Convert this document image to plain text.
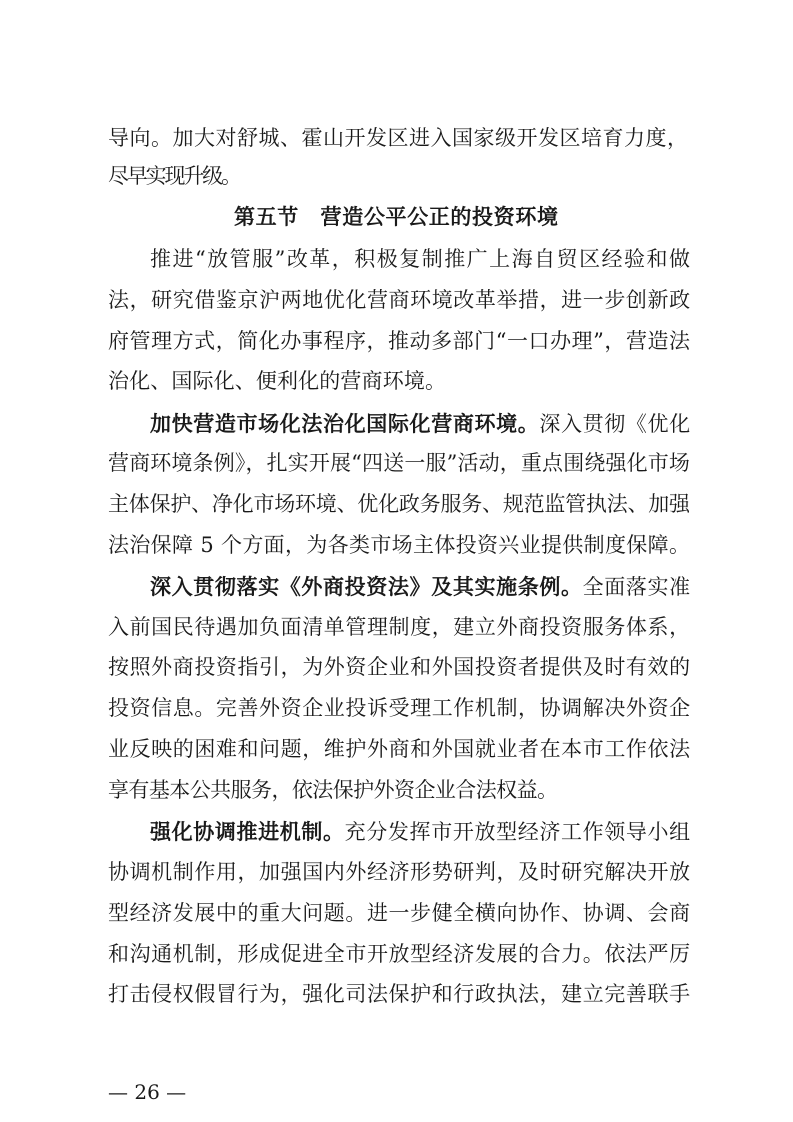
导向。加大对舒城、霍山开发区进入国家级开发区培育力度，
尽早实现升级。
第五节　营造公平公正的投资环境
推进“放管服”改革，积极复制推广上海自贸区经验和做
法，研究借鉴京沪两地优化营商环境改革举措，进一步创新政
府管理方式，简化办事程序，推动多部门“一口办理”，营造法
治化、国际化、便利化的营商环境。
加快营造市场化法治化国际化营商环境。深入贯彻《优化
营商环境条例》，扎实开展“四送一服”活动，重点围绕强化市场
主体保护、净化市场环境、优化政务服务、规范监管执法、加强
法治保障 5 个方面，为各类市场主体投资兴业提供制度保障。
深入贯彻落实《外商投资法》及其实施条例。全面落实准
入前国民待遇加负面清单管理制度，建立外商投资服务体系，
按照外商投资指引，为外资企业和外国投资者提供及时有效的
投资信息。完善外资企业投诉受理工作机制，协调解决外资企
业反映的困难和问题，维护外商和外国就业者在本市工作依法
享有基本公共服务，依法保护外资企业合法权益。
强化协调推进机制。充分发挥市开放型经济工作领导小组
协调机制作用，加强国内外经济形势研判，及时研究解决开放
型经济发展中的重大问题。进一步健全横向协作、协调、会商
和沟通机制，形成促进全市开放型经济发展的合力。依法严厉
打击侵权假冒行为，强化司法保护和行政执法，建立完善联手
— 26 —
